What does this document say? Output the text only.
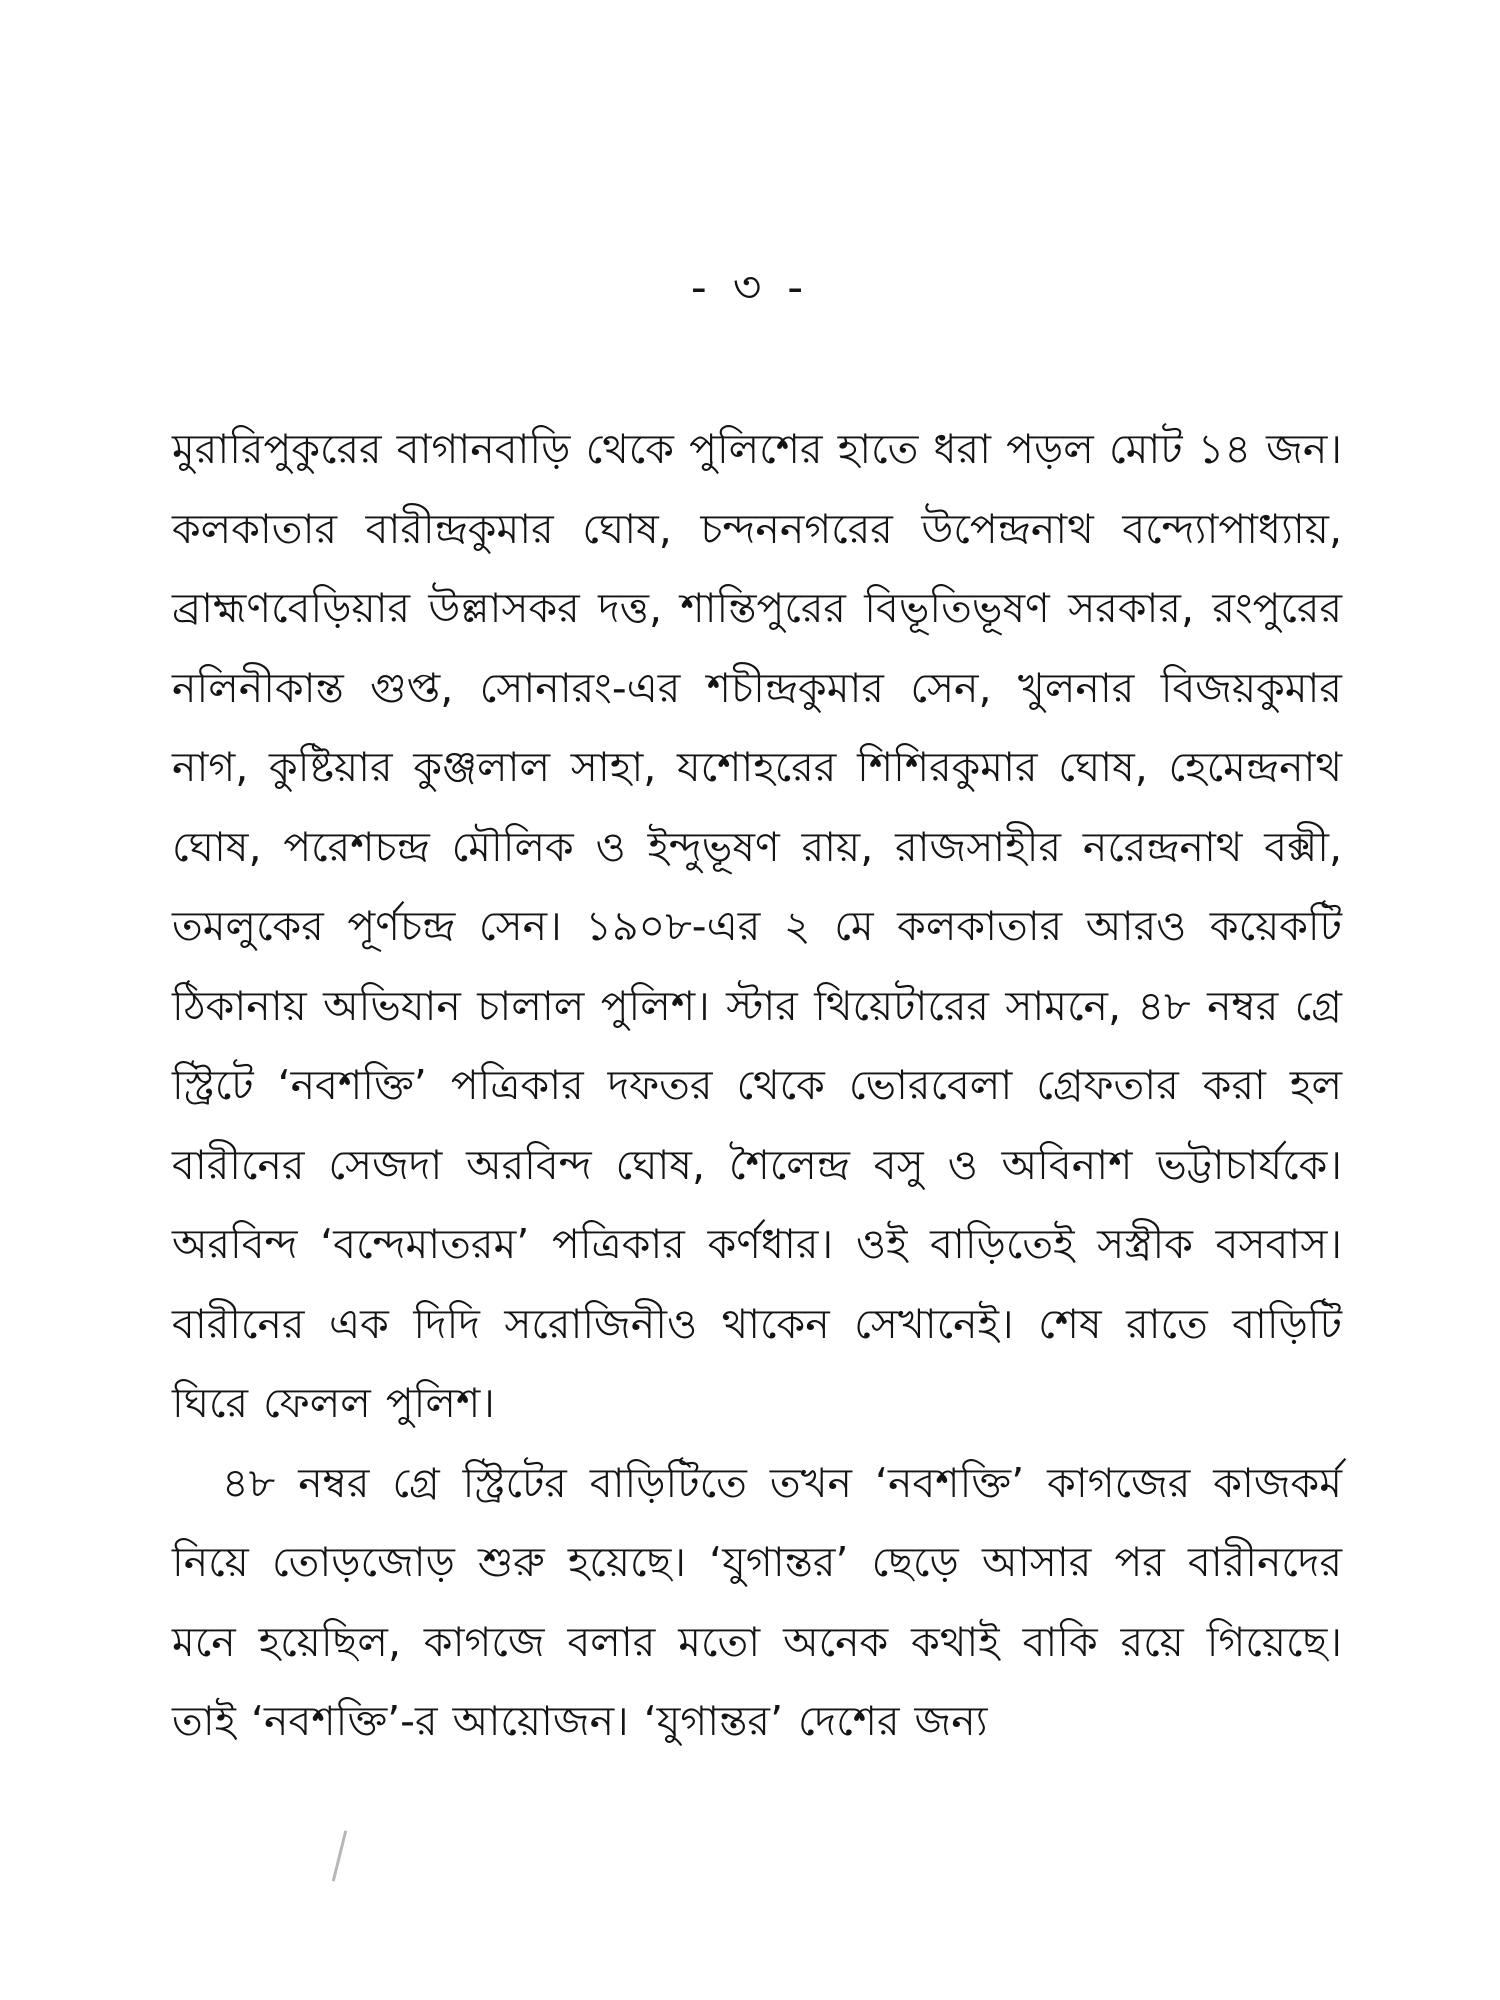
- ৩ -

মুরারিপুকুরের বাগানবাড়ি থেকে পুলিশের হাতে ধরা পড়ল মোট ১৪ জন। কলকাতার বারীন্দ্রকুমার ঘোষ, চন্দননগরের উপেন্দ্রনাথ বন্দ্যোপাধ্যায়, ব্রাহ্মণবেড়িয়ার উল্লাসকর দত্ত, শান্তিপুরের বিভূতিভূষণ সরকার, রংপুরের নলিনীকান্ত গুপ্ত, সোনারং-এর শচীন্দ্রকুমার সেন, খুলনার বিজয়কুমার নাগ, কুষ্টিয়ার কুঞ্জলাল সাহা, যশোহরের শিশিরকুমার ঘোষ, হেমেন্দ্রনাথ ঘোষ, পরেশচন্দ্র মৌলিক ও ইন্দুভূষণ রায়, রাজসাহীর নরেন্দ্রনাথ বক্সী, তমলুকের পূর্ণচন্দ্র সেন। ১৯০৮-এর ২ মে কলকাতার আরও কয়েকটি ঠিকানায় অভিযান চালাল পুলিশ। স্টার থিয়েটারের সামনে, ৪৮ নম্বর গ্রে স্ট্রিটে ‘নবশক্তি’ পত্রিকার দফতর থেকে ভোরবেলা গ্রেফতার করা হল বারীনের সেজদা অরবিন্দ ঘোষ, শৈলেন্দ্র বসু ও অবিনাশ ভট্টাচার্যকে। অরবিন্দ ‘বন্দেমাতরম’ পত্রিকার কর্ণধার। ওই বাড়িতেই সস্ত্রীক বসবাস। বারীনের এক দিদি সরোজিনীও থাকেন সেখানেই। শেষ রাতে বাড়িটি ঘিরে ফেলল পুলিশ।

৪৮ নম্বর গ্রে স্ট্রিটের বাড়িটিতে তখন ‘নবশক্তি’ কাগজের কাজকর্ম নিয়ে তোড়জোড় শুরু হয়েছে। ‘যুগান্তর’ ছেড়ে আসার পর বারীনদের মনে হয়েছিল, কাগজে বলার মতো অনেক কথাই বাকি রয়ে গিয়েছে। তাই ‘নবশক্তি’-র আয়োজন। ‘যুগান্তর’ দেশের জন্য
